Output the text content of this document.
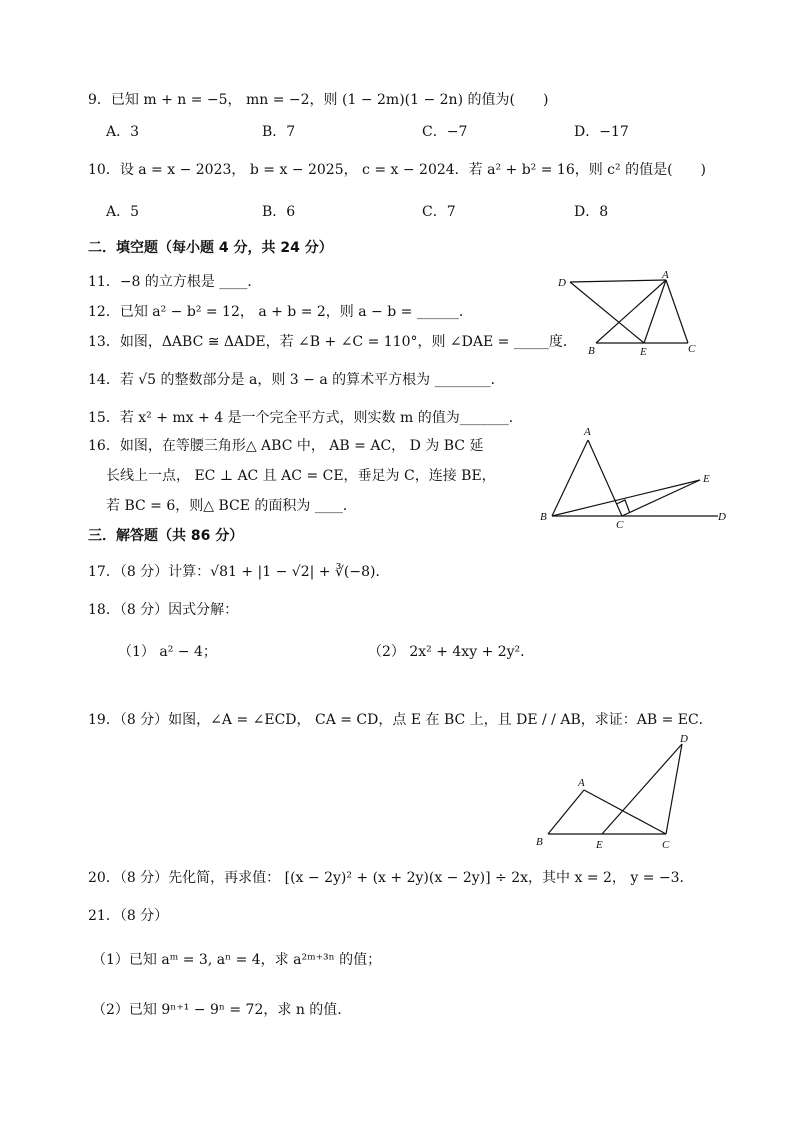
9．已知 m + n = −5， mn = −2，则 (1 − 2m)(1 − 2n) 的值为(　　)
A．3	B．7	C．−7	D．−17
10．设 a = x − 2023， b = x − 2025， c = x − 2024．若 a² + b² = 16，则 c² 的值是(　　)
A．5	B．6	C．7	D．8
二．填空题（每小题 4 分，共 24 分）
11．−8 的立方根是 ____．
12．已知 a² − b² = 12， a + b = 2，则 a − b = ______．
13．如图，ΔABC ≅ ΔADE，若 ∠B + ∠C = 110°，则 ∠DAE = _____度．
14．若 √5 的整数部分是 a，则 3 − a 的算术平方根为 ________．
15．若 x² + mx + 4 是一个完全平方式，则实数 m 的值为_______．
16．如图，在等腰三角形△ ABC 中， AB = AC， D 为 BC 延
长线上一点， EC ⊥ AC 且 AC = CE，垂足为 C，连接 BE，
若 BC = 6，则△ BCE 的面积为 ____．
三．解答题（共 86 分）
17．（8 分）计算：√81 + |1 − √2| + ∛(−8)．
18．（8 分）因式分解：
（1） a² − 4；	（2） 2x² + 4xy + 2y²．
19．（8 分）如图，∠A = ∠ECD， CA = CD，点 E 在 BC 上，且 DE / / AB，求证：AB = EC．
20．（8 分）先化简，再求值： [(x − 2y)² + (x + 2y)(x − 2y)] ÷ 2x，其中 x = 2， y = −3．
21．（8 分）
（1）已知 aᵐ = 3, aⁿ = 4，求 a²ᵐ⁺³ⁿ 的值；
（2）已知 9ⁿ⁺¹ − 9ⁿ = 72，求 n 的值.
D
A
B	E	C
A
E
B
C
D
D
A
B	E	C
